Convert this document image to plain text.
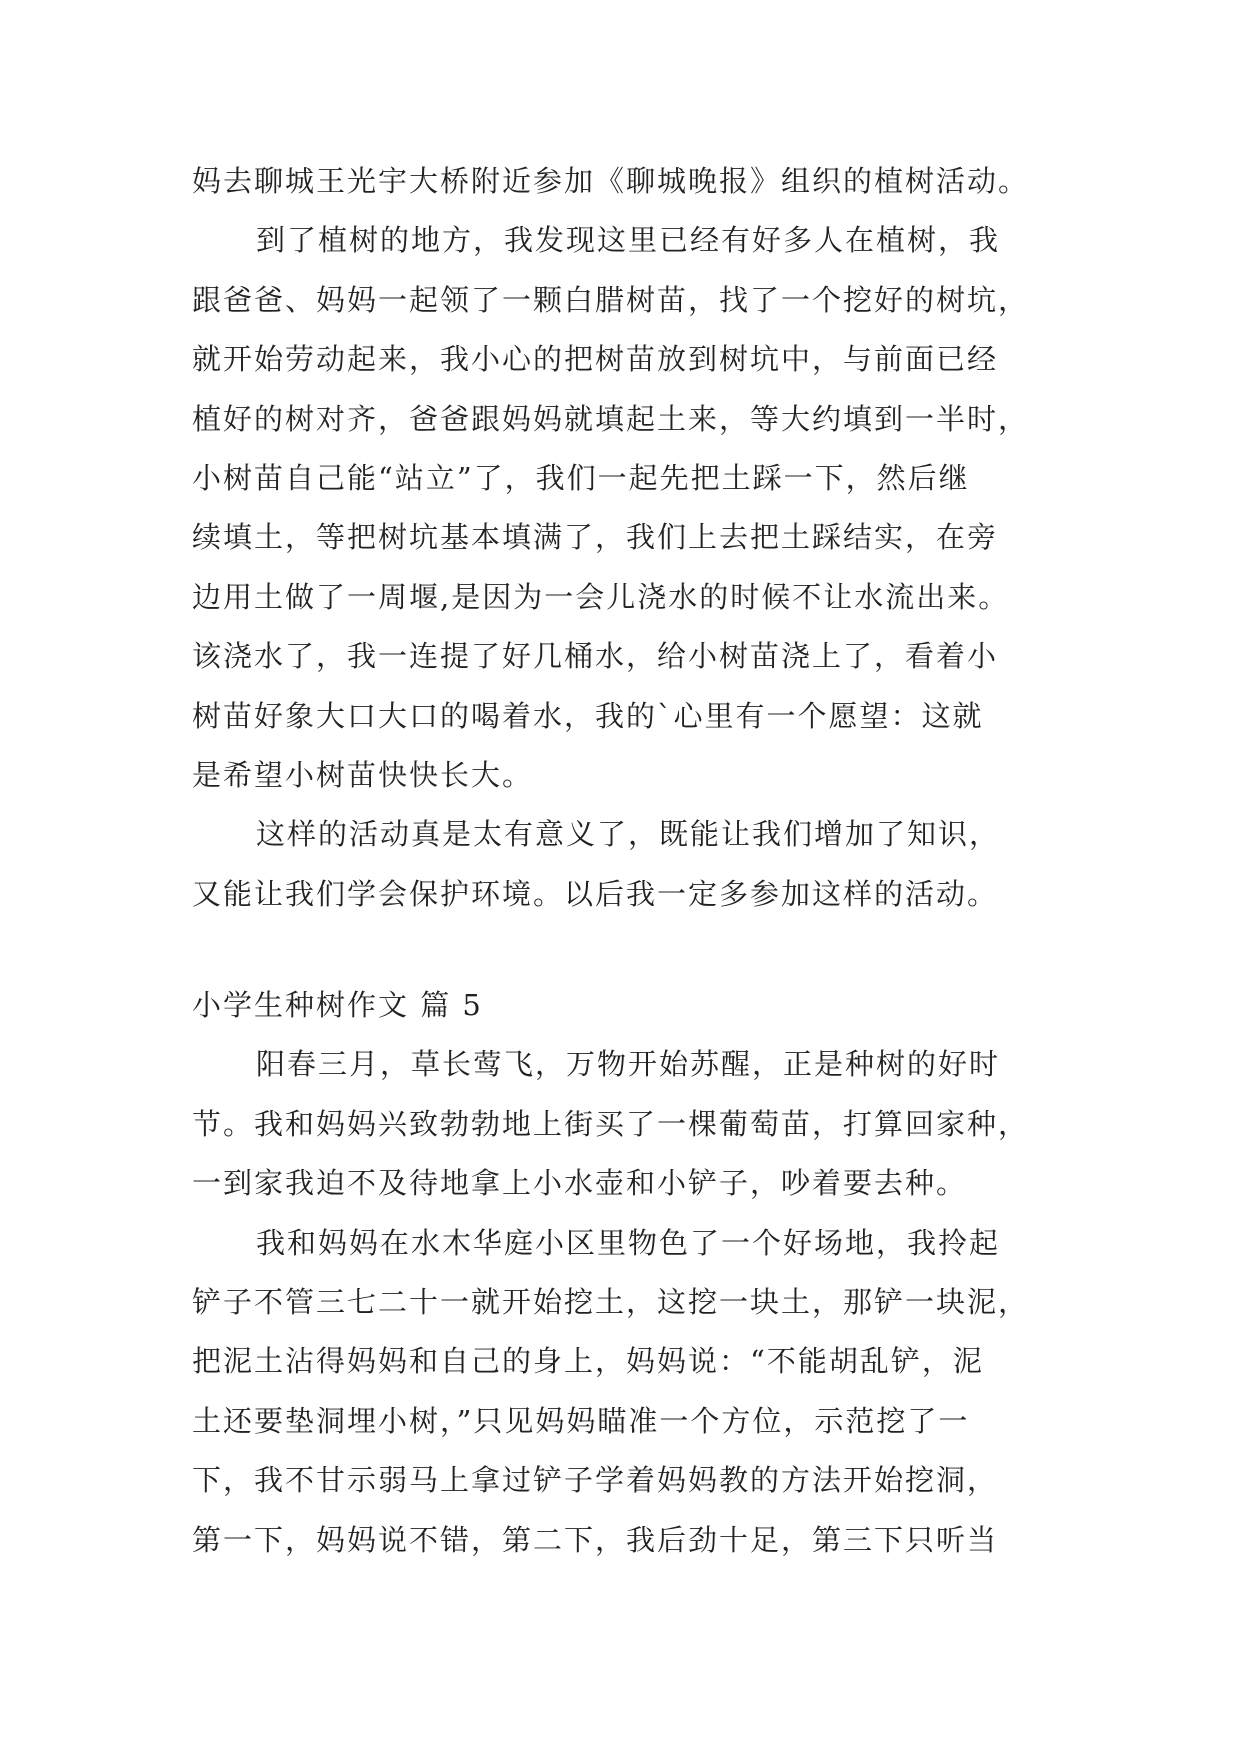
妈去聊城王光宇大桥附近参加《聊城晚报》组织的植树活动。
到了植树的地方，我发现这里已经有好多人在植树，我
跟爸爸、妈妈一起领了一颗白腊树苗，找了一个挖好的树坑，
就开始劳动起来，我小心的把树苗放到树坑中，与前面已经
植好的树对齐，爸爸跟妈妈就填起土来，等大约填到一半时，
小树苗自己能“站立”了，我们一起先把土踩一下，然后继
续填土，等把树坑基本填满了，我们上去把土踩结实，在旁
边用土做了一周堰,是因为一会儿浇水的时候不让水流出来。
该浇水了，我一连提了好几桶水，给小树苗浇上了，看着小
树苗好象大口大口的喝着水，我的`心里有一个愿望：这就
是希望小树苗快快长大。
这样的活动真是太有意义了，既能让我们增加了知识，
又能让我们学会保护环境。以后我一定多参加这样的活动。
小学生种树作文 篇 5
阳春三月，草长莺飞，万物开始苏醒，正是种树的好时
节。我和妈妈兴致勃勃地上街买了一棵葡萄苗，打算回家种，
一到家我迫不及待地拿上小水壶和小铲子，吵着要去种。
我和妈妈在水木华庭小区里物色了一个好场地，我拎起
铲子不管三七二十一就开始挖土，这挖一块土，那铲一块泥，
把泥土沾得妈妈和自己的身上，妈妈说：“不能胡乱铲，泥
土还要垫洞埋小树，”只见妈妈瞄准一个方位，示范挖了一
下，我不甘示弱马上拿过铲子学着妈妈教的方法开始挖洞，
第一下，妈妈说不错，第二下，我后劲十足，第三下只听当
